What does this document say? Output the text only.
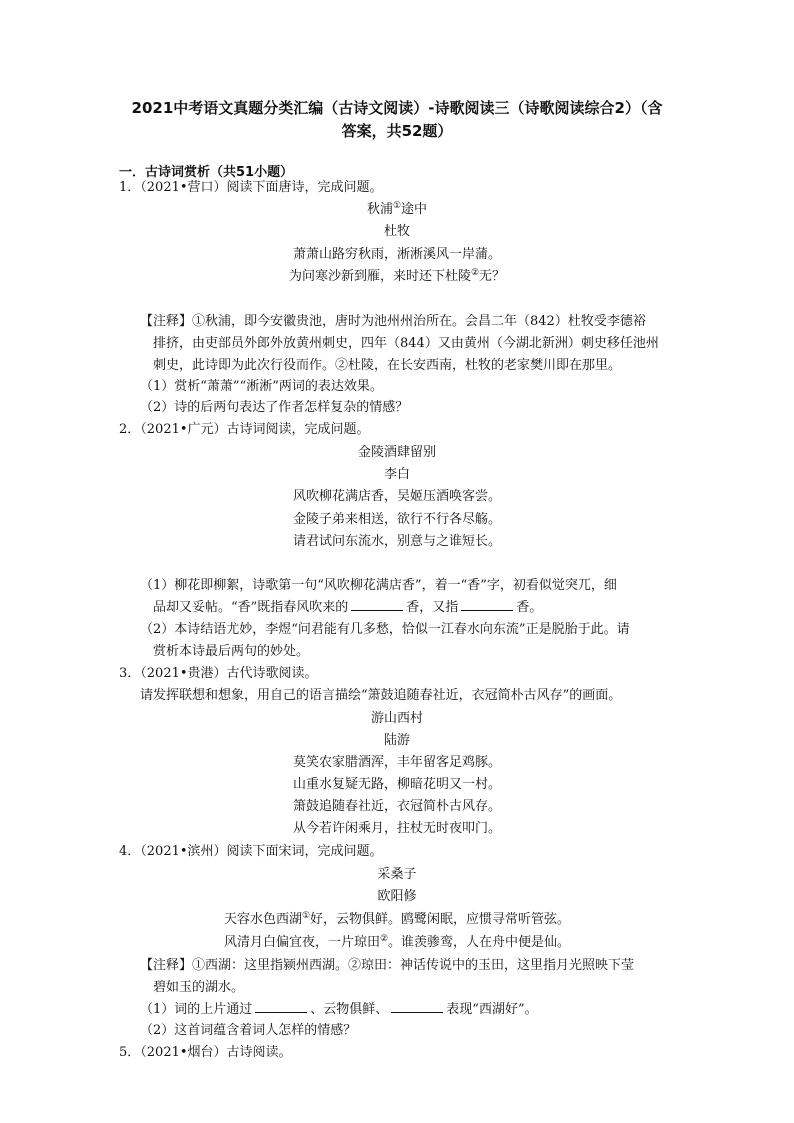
2021中考语文真题分类汇编（古诗文阅读）-诗歌阅读三（诗歌阅读综合2）（含
答案，共52题）
一．古诗词赏析（共51小题）
1．（2021•营口）阅读下面唐诗，完成问题。
秋浦①途中
杜牧
萧萧山路穷秋雨，淅淅溪风一岸蒲。
为问寒沙新到雁，来时还下杜陵②无？
【注释】①秋浦，即今安徽贵池，唐时为池州州治所在。会昌二年（842）杜牧受李德裕
排挤，由吏部员外郎外放黄州刺史，四年（844）又由黄州（今湖北新洲）刺史移任池州
刺史，此诗即为此次行役而作。②杜陵，在长安西南，杜牧的老家樊川即在那里。
（1）赏析“萧萧”“淅淅”两词的表达效果。
（2）诗的后两句表达了作者怎样复杂的情感？
2．（2021•广元）古诗词阅读，完成问题。
金陵酒肆留别
李白
风吹柳花满店香，吴姬压酒唤客尝。
金陵子弟来相送，欲行不行各尽觞。
请君试问东流水，别意与之谁短长。
（1）柳花即柳絮，诗歌第一句“风吹柳花满店香”，着一“香”字，初看似觉突兀，细
品却又妥帖。“香”既指春风吹来的	香，又指	香。
（2）本诗结语尤妙，李煜“问君能有几多愁，恰似一江春水向东流”正是脱胎于此。请
赏析本诗最后两句的妙处。
3．（2021•贵港）古代诗歌阅读。
请发挥联想和想象，用自己的语言描绘“箫鼓追随春社近，衣冠简朴古风存”的画面。
游山西村
陆游
莫笑农家腊酒浑，丰年留客足鸡豚。
山重水复疑无路，柳暗花明又一村。
箫鼓追随春社近，衣冠简朴古风存。
从今若许闲乘月，拄杖无时夜叩门。
4．（2021•滨州）阅读下面宋词，完成问题。
采桑子
欧阳修
天容水色西湖①好，云物俱鲜。鸥鹭闲眠，应惯寻常听管弦。
风清月白偏宜夜，一片琼田②。谁羡骖鸾，人在舟中便是仙。
【注释】①西湖：这里指颍州西湖。②琼田：神话传说中的玉田，这里指月光照映下莹
碧如玉的湖水。
（1）词的上片通过	、云物俱鲜、	表现“西湖好”。
（2）这首词蕴含着词人怎样的情感？
5．（2021•烟台）古诗阅读。
